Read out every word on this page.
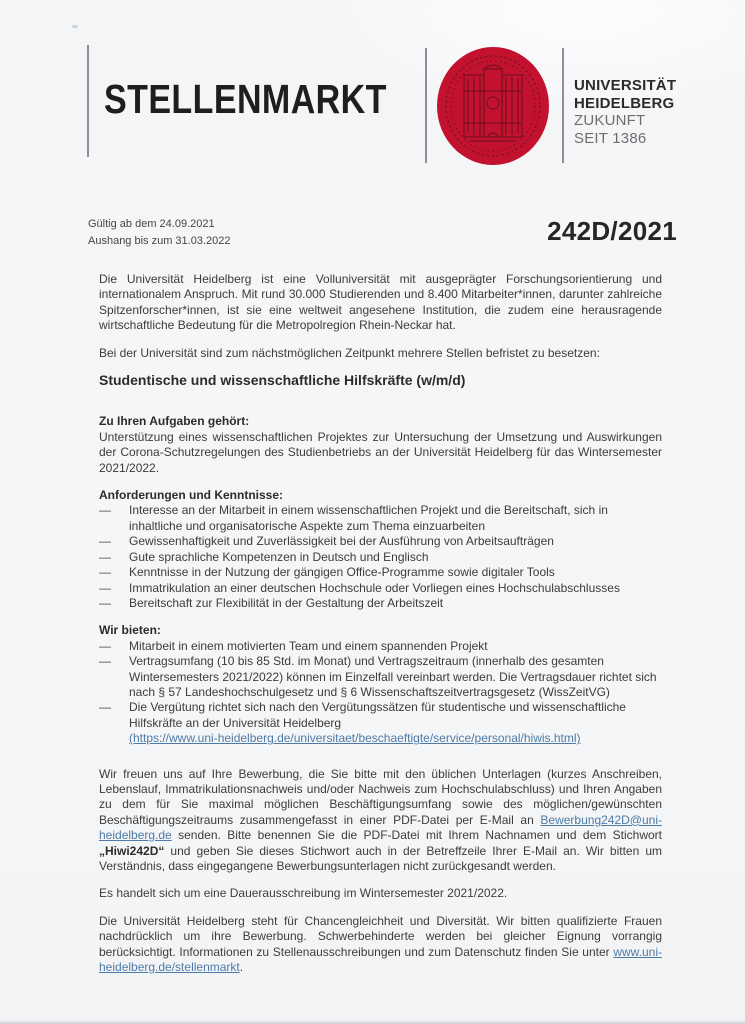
STELLENMARKT	UNIVERSITÄT
HEIDELBERG
ZUKUNFT
SEIT 1386
Gültig ab dem 24.09.2021
Aushang bis zum 31.03.2022	242D/2021

Die Universität Heidelberg ist eine Volluniversität mit ausgeprägter Forschungsorientierung und internationalem Anspruch. Mit rund 30.000 Studierenden und 8.400 Mitarbeiter*innen, darunter zahlreiche Spitzenforscher*innen, ist sie eine weltweit angesehene Institution, die zudem eine herausragende wirtschaftliche Bedeutung für die Metropolregion Rhein-Neckar hat.

Bei der Universität sind zum nächstmöglichen Zeitpunkt mehrere Stellen befristet zu besetzen:

Studentische und wissenschaftliche Hilfskräfte (w/m/d)
Zu Ihren Aufgaben gehört:

Unterstützung eines wissenschaftlichen Projektes zur Untersuchung der Umsetzung und Auswirkungen der Corona-Schutzregelungen des Studienbetriebs an der Universität Heidelberg für das Wintersemester 2021/2022.

Anforderungen und Kenntnisse:
—	Interesse an der Mitarbeit in einem wissenschaftlichen Projekt und die Bereitschaft, sich in inhaltliche und organisatorische Aspekte zum Thema einzuarbeiten
—	Gewissenhaftigkeit und Zuverlässigkeit bei der Ausführung von Arbeitsaufträgen
—	Gute sprachliche Kompetenzen in Deutsch und Englisch
—	Kenntnisse in der Nutzung der gängigen Office-Programme sowie digitaler Tools
—	Immatrikulation an einer deutschen Hochschule oder Vorliegen eines Hochschulabschlusses
—	Bereitschaft zur Flexibilität in der Gestaltung der Arbeitszeit
Wir bieten:
—	Mitarbeit in einem motivierten Team und einem spannenden Projekt
—	Vertragsumfang (10 bis 85 Std. im Monat) und Vertragszeitraum (innerhalb des gesamten Wintersemesters 2021/2022) können im Einzelfall vereinbart werden. Die Vertragsdauer richtet sich nach § 57 Landeshochschulgesetz und § 6 Wissenschaftszeitvertragsgesetz (WissZeitVG)
—	Die Vergütung richtet sich nach den Vergütungssätzen für studentische und wissenschaftliche Hilfskräfte an der Universität Heidelberg (https://www.uni-heidelberg.de/universitaet/beschaeftigte/service/personal/hiwis.html)

Wir freuen uns auf Ihre Bewerbung, die Sie bitte mit den üblichen Unterlagen (kurzes Anschreiben, Lebenslauf, Immatrikulationsnachweis und/oder Nachweis zum Hochschulabschluss) und Ihren Angaben zu dem für Sie maximal möglichen Beschäftigungsumfang sowie des möglichen/gewünschten Beschäftigungszeitraums zusammengefasst in einer PDF-Datei per E-Mail an Bewerbung242D@uni-heidelberg.de senden. Bitte benennen Sie die PDF-Datei mit Ihrem Nachnamen und dem Stichwort „Hiwi242D“ und geben Sie dieses Stichwort auch in der Betreffzeile Ihrer E-Mail an. Wir bitten um Verständnis, dass eingegangene Bewerbungsunterlagen nicht zurückgesandt werden.

Es handelt sich um eine Dauerausschreibung im Wintersemester 2021/2022.

Die Universität Heidelberg steht für Chancengleichheit und Diversität. Wir bitten qualifizierte Frauen nachdrücklich um ihre Bewerbung. Schwerbehinderte werden bei gleicher Eignung vorrangig berücksichtigt. Informationen zu Stellenausschreibungen und zum Datenschutz finden Sie unter www.uni-heidelberg.de/stellenmarkt.
